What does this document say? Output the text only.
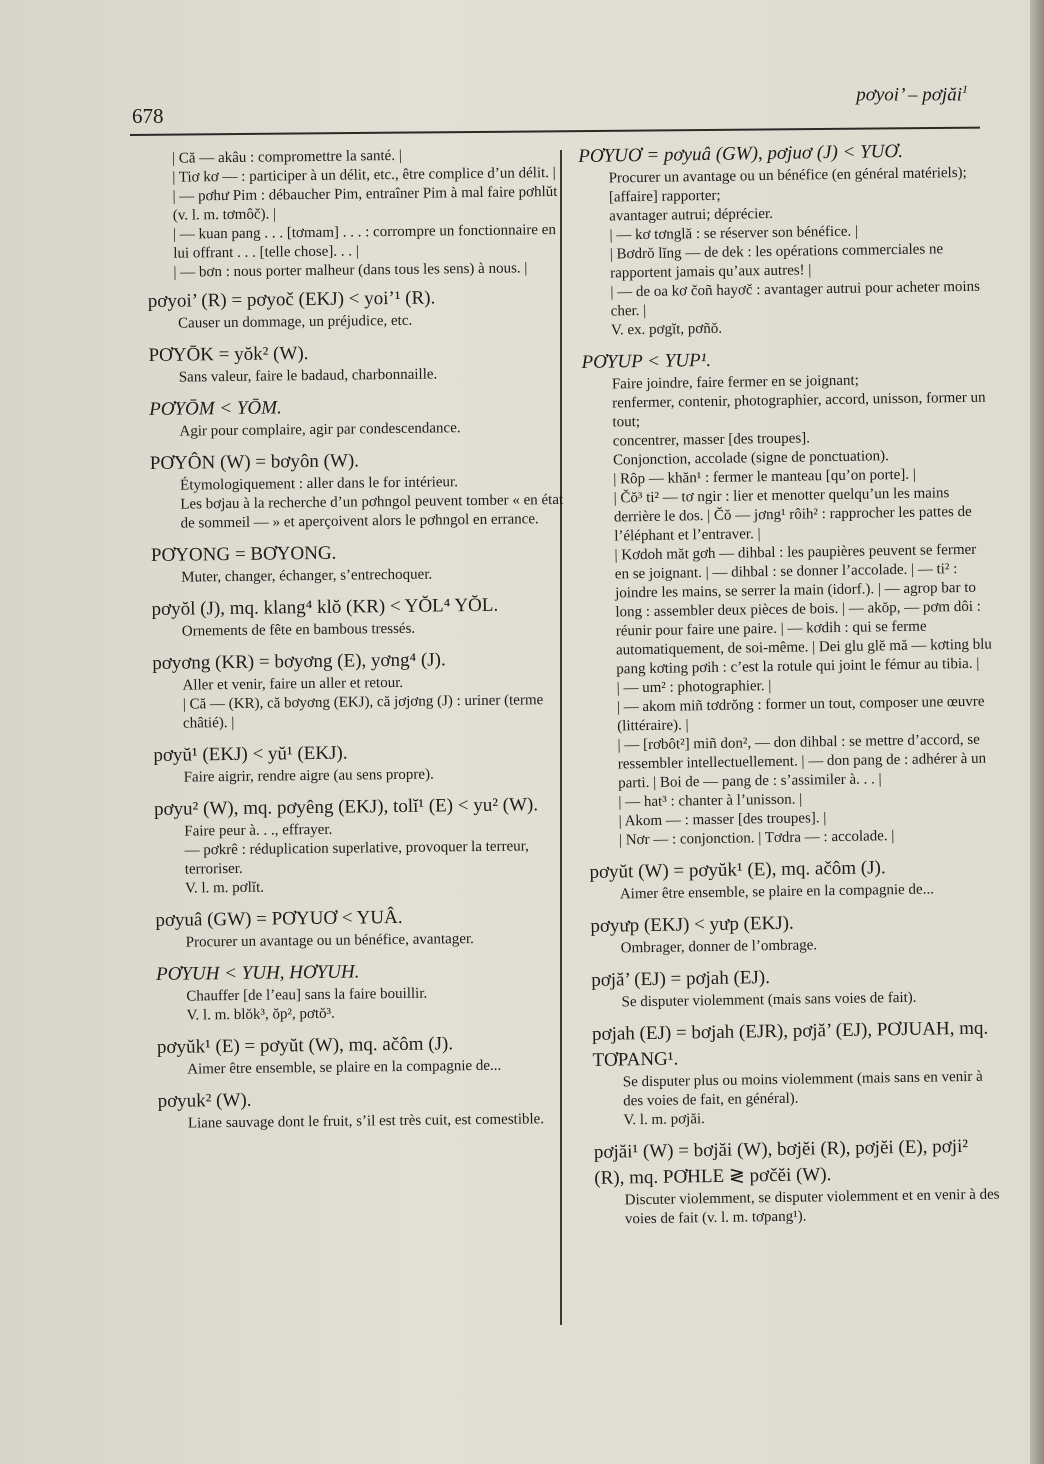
pơyoi’ – pơjăi$^1$
678
| Că — akâu : compromettre la santé. |
| Tiơ kơ — : participer à un délit, etc., être complice d’un délit. |
| — pơhư Pim : débaucher Pim, entraîner Pim à mal faire pơhlŭt (v. l. m. tơmôč). |
| — kuan pang . . . [tơmam] . . . : corrompre un fonctionnaire en lui offrant . . . [telle chose]. . . |
| — bơn : nous porter malheur (dans tous les sens) à nous. |
pơyoi’ (R) = pơyoč (EKJ) < yoi’¹ (R).
Causer un dommage, un préjudice, etc.
PƠYŌK = yŏk² (W).
Sans valeur, faire le badaud, charbonnaille.
PƠYŌM < YŌM.
Agir pour complaire, agir par condescendance.
PƠYÔN (W) = bơyôn (W).
Étymologiquement : aller dans le for intérieur.
Les bơjau à la recherche d’un pơhngol peuvent tomber « en état de sommeil — » et aperçoivent alors le pơhngol en errance.
PƠYONG = BƠYONG.
Muter, changer, échanger, s’entrechoquer.
pơyŏl (J), mq. klang⁴ klŏ (KR) < YŎL⁴ YŎL.
Ornements de fête en bambous tressés.
pơyơng (KR) = bơyơng (E), yơng⁴ (J).
Aller et venir, faire un aller et retour.
| Că — (KR), că bơyơng (EKJ), că jơjơng (J) : uriner (terme châtié). |
pơyŭ¹ (EKJ) < yŭ¹ (EKJ).
Faire aigrir, rendre aigre (au sens propre).
pơyu² (W), mq. pơyêng (EKJ), tolĭ¹ (E) < yu² (W).
Faire peur à. . ., effrayer.
— pơkrê : réduplication superlative, provoquer la terreur, terroriser.
V. l. m. pơlĭt.
pơyuâ (GW) = PƠYUƠ < YUÂ.
Procurer un avantage ou un bénéfice, avantager.
PƠYUH < YUH, HƠYUH.
Chauffer [de l’eau] sans la faire bouillir.
V. l. m. blŏk³, ŏp², pơtŏ³.
pơyŭk¹ (E) = pơyŭt (W), mq. ačôm (J).
Aimer être ensemble, se plaire en la compagnie de...
pơyuk² (W).
Liane sauvage dont le fruit, s’il est très cuit, est comestible.
PƠYUƠ = pơyuâ (GW), pơjuơ (J) < YUƠ.
Procurer un avantage ou un bénéfice (en général matériels);
[affaire] rapporter;
avantager autrui; déprécier.
| — kơ tơnglă : se réserver son bénéfice. |
| Bơdrŏ lĭng — de dek : les opérations commerciales ne rapportent jamais qu’aux autres! |
| — de oa kơ čoñ hayơč : avantager autrui pour acheter moins cher. |
V. ex. pơgĭt, pơñŏ.
PƠYUP < YUP¹.
Faire joindre, faire fermer en se joignant;
renfermer, contenir, photographier, accord, unisson, former un tout;
concentrer, masser [des troupes].
Conjonction, accolade (signe de ponctuation).
| Rôp — khăn¹ : fermer le manteau [qu’on porte]. |
| Čŏ³ ti² — tơ ngir : lier et menotter quelqu’un les mains derrière le dos. | Čŏ — jơng¹ rôih² : rapprocher les pattes de l’éléphant et l’entraver. |
| Kơdoh măt gơh — dihbal : les paupières peuvent se fermer en se joignant. | — dihbal : se donner l’accolade. | — ti² : joindre les mains, se serrer la main (idorf.). | — agrop bar to long : assembler deux pièces de bois. | — akŏp, — pơm dôi : réunir pour faire une paire. | — kơdih : qui se ferme automatiquement, de soi-même. | Dei glu glĕ mă — kơting blu pang kơting pơih : c’est la rotule qui joint le fémur au tibia. |
| — um² : photographier. |
| — akom miñ tơdrŏng : former un tout, composer une œuvre (littéraire). |
| — [rơbôt²] miñ don², — don dihbal : se mettre d’accord, se ressembler intellectuellement. | — don pang de : adhérer à un parti. | Boi de — pang de : s’assimiler à. . . |
| — hat³ : chanter à l’unisson. |
| Akom — : masser [des troupes]. |
| Nơr — : conjonction. | Tơdra — : accolade. |
pơyŭt (W) = pơyŭk¹ (E), mq. ačôm (J).
Aimer être ensemble, se plaire en la compagnie de...
pơyưp (EKJ) < yưp (EKJ).
Ombrager, donner de l’ombrage.
pơjă’ (EJ) = pơjah (EJ).
Se disputer violemment (mais sans voies de fait).
pơjah (EJ) = bơjah (EJR), pơjă’ (EJ), PƠJUAH, mq. TƠPANG¹.
Se disputer plus ou moins violemment (mais sans en venir à des voies de fait, en général).
V. l. m. pơjăi.
pơjăi¹ (W) = bơjăi (W), bơjĕi (R), pơjĕi (E), pơji² (R), mq. PƠHLE ≷ pơčĕi (W).
Discuter violemment, se disputer violemment et en venir à des voies de fait (v. l. m. tơpang¹).
